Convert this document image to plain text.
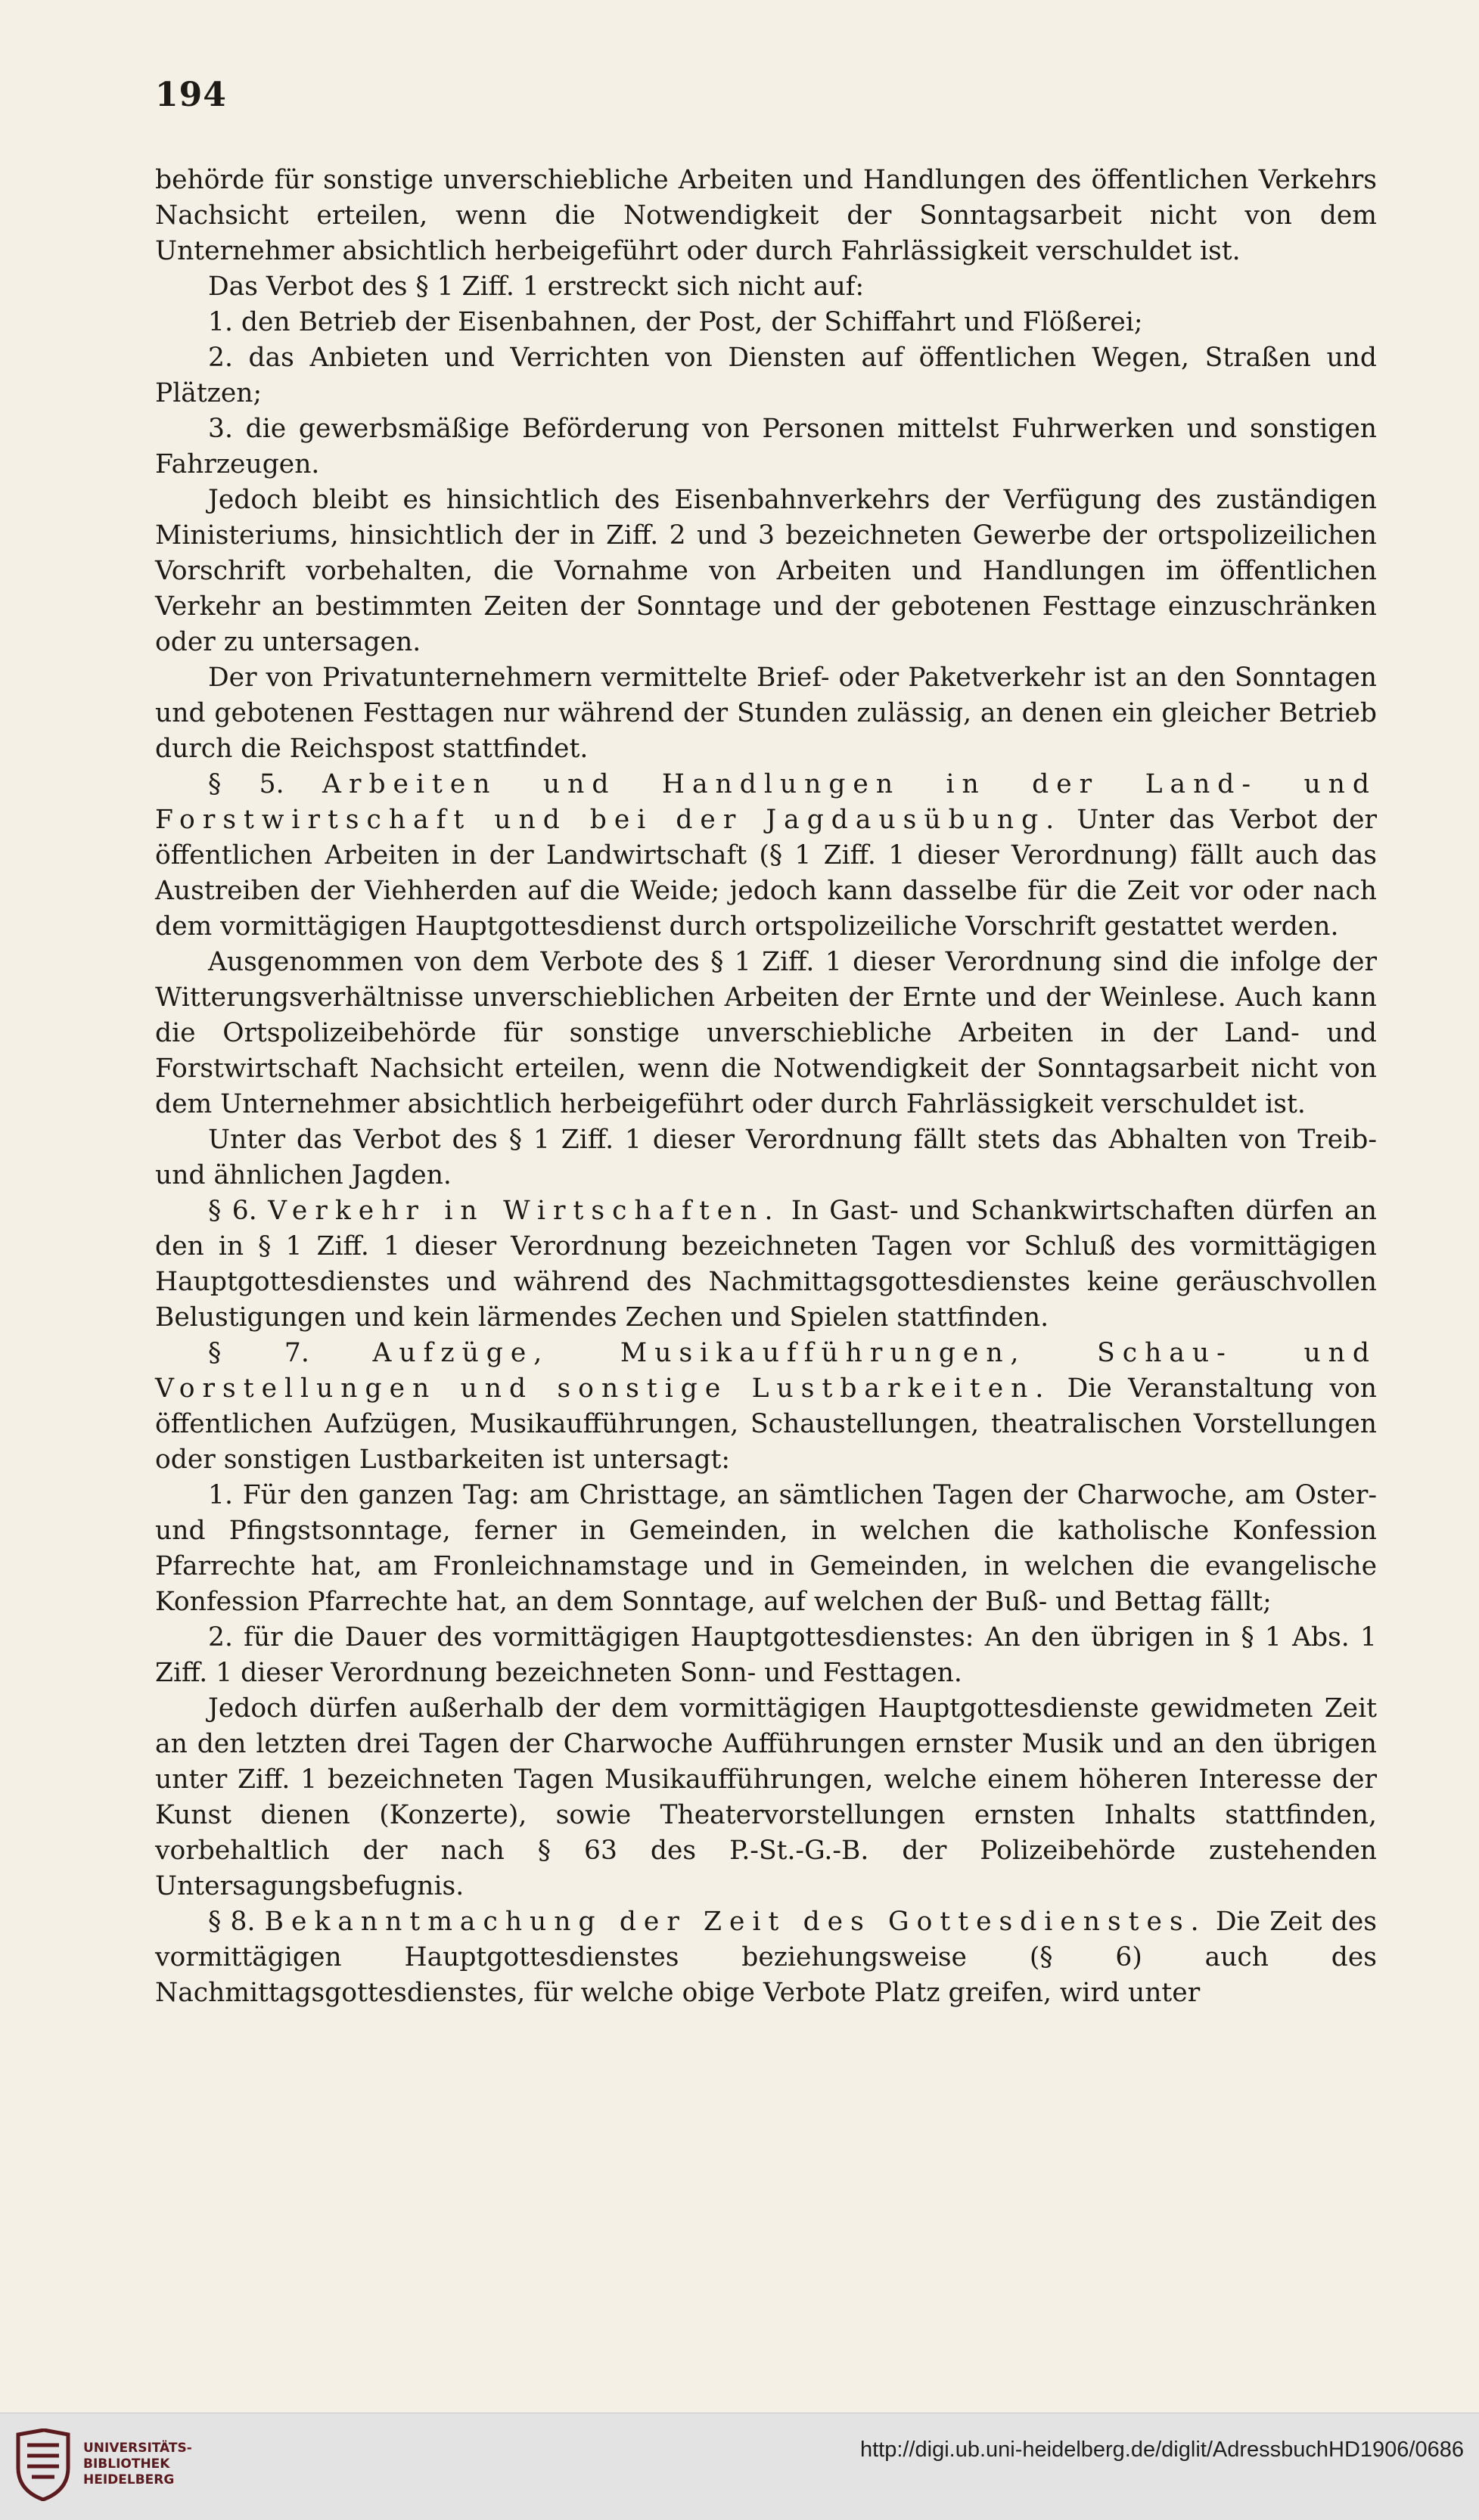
194

behörde für sonstige unverschiebliche Arbeiten und Handlungen des öffentlichen Verkehrs Nachsicht erteilen, wenn die Notwendigkeit der Sonntagsarbeit nicht von dem Unternehmer absichtlich herbeigeführt oder durch Fahrlässigkeit verschuldet ist.

Das Verbot des § 1 Ziff. 1 erstreckt sich nicht auf:

1. den Betrieb der Eisenbahnen, der Post, der Schiffahrt und Flößerei;

2. das Anbieten und Verrichten von Diensten auf öffentlichen Wegen, Straßen und Plätzen;

3. die gewerbsmäßige Beförderung von Personen mittelst Fuhrwerken und sonstigen Fahrzeugen.

Jedoch bleibt es hinsichtlich des Eisenbahnverkehrs der Verfügung des zuständigen Ministeriums, hinsichtlich der in Ziff. 2 und 3 bezeichneten Gewerbe der ortspolizeilichen Vorschrift vorbehalten, die Vornahme von Arbeiten und Handlungen im öffentlichen Verkehr an bestimmten Zeiten der Sonntage und der gebotenen Festtage einzuschränken oder zu untersagen.

Der von Privatunternehmern vermittelte Brief- oder Paketverkehr ist an den Sonntagen und gebotenen Festtagen nur während der Stunden zulässig, an denen ein gleicher Betrieb durch die Reichspost stattfindet.

§ 5. Arbeiten und Handlungen in der Land- und Forstwirtschaft und bei der Jagdausübung. Unter das Verbot der öffentlichen Arbeiten in der Landwirtschaft (§ 1 Ziff. 1 dieser Verordnung) fällt auch das Austreiben der Viehherden auf die Weide; jedoch kann dasselbe für die Zeit vor oder nach dem vormittägigen Hauptgottesdienst durch ortspolizeiliche Vorschrift gestattet werden.

Ausgenommen von dem Verbote des § 1 Ziff. 1 dieser Verordnung sind die infolge der Witterungsverhältnisse unverschieblichen Arbeiten der Ernte und der Weinlese. Auch kann die Ortspolizeibehörde für sonstige unverschiebliche Arbeiten in der Land- und Forstwirtschaft Nachsicht erteilen, wenn die Notwendigkeit der Sonntagsarbeit nicht von dem Unternehmer absichtlich herbeigeführt oder durch Fahrlässigkeit verschuldet ist.

Unter das Verbot des § 1 Ziff. 1 dieser Verordnung fällt stets das Abhalten von Treib- und ähnlichen Jagden.

§ 6. Verkehr in Wirtschaften. In Gast- und Schankwirtschaften dürfen an den in § 1 Ziff. 1 dieser Verordnung bezeichneten Tagen vor Schluß des vormittägigen Hauptgottesdienstes und während des Nachmittagsgottesdienstes keine geräuschvollen Belustigungen und kein lärmendes Zechen und Spielen stattfinden.

§ 7. Aufzüge, Musikaufführungen, Schau- und Vorstellungen und sonstige Lustbarkeiten. Die Veranstaltung von öffentlichen Aufzügen, Musikaufführungen, Schaustellungen, theatralischen Vorstellungen oder sonstigen Lustbarkeiten ist untersagt:

1. Für den ganzen Tag: am Christtage, an sämtlichen Tagen der Charwoche, am Oster- und Pfingstsonntage, ferner in Gemeinden, in welchen die katholische Konfession Pfarrechte hat, am Fronleichnamstage und in Gemeinden, in welchen die evangelische Konfession Pfarrechte hat, an dem Sonntage, auf welchen der Buß- und Bettag fällt;

2. für die Dauer des vormittägigen Hauptgottesdienstes: An den übrigen in § 1 Abs. 1 Ziff. 1 dieser Verordnung bezeichneten Sonn- und Festtagen.

Jedoch dürfen außerhalb der dem vormittägigen Hauptgottesdienste gewidmeten Zeit an den letzten drei Tagen der Charwoche Aufführungen ernster Musik und an den übrigen unter Ziff. 1 bezeichneten Tagen Musikaufführungen, welche einem höheren Interesse der Kunst dienen (Konzerte), sowie Theatervorstellungen ernsten Inhalts stattfinden, vorbehaltlich der nach § 63 des P.-St.-G.-B. der Polizeibehörde zustehenden Untersagungsbefugnis.

§ 8. Bekanntmachung der Zeit des Gottesdienstes. Die Zeit des vormittägigen Hauptgottesdienstes beziehungsweise (§ 6) auch des Nachmittagsgottesdienstes, für welche obige Verbote Platz greifen, wird unter

UNIVERSITÄTS-
BIBLIOTHEK
HEIDELBERG
http://digi.ub.uni-heidelberg.de/diglit/AdressbuchHD1906/0686
